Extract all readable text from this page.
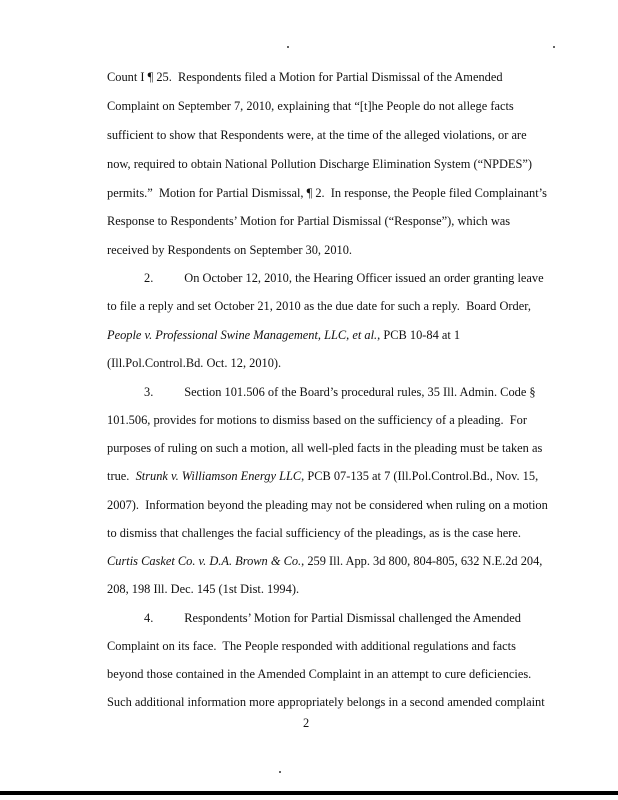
Count I ¶ 25.  Respondents filed a Motion for Partial Dismissal of the Amended

Complaint on September 7, 2010, explaining that “[t]he People do not allege facts

sufficient to show that Respondents were, at the time of the alleged violations, or are

now, required to obtain National Pollution Discharge Elimination System (“NPDES”)

permits.”  Motion for Partial Dismissal, ¶ 2.  In response, the People filed Complainant’s

Response to Respondents’ Motion for Partial Dismissal (“Response”), which was

received by Respondents on September 30, 2010.

2.          On October 12, 2010, the Hearing Officer issued an order granting leave

to file a reply and set October 21, 2010 as the due date for such a reply.  Board Order,

People v. Professional Swine Management, LLC, et al., PCB 10-84 at 1

(Ill.Pol.Control.Bd. Oct. 12, 2010).

3.          Section 101.506 of the Board’s procedural rules, 35 Ill. Admin. Code §

101.506, provides for motions to dismiss based on the sufficiency of a pleading.  For

purposes of ruling on such a motion, all well-pled facts in the pleading must be taken as

true.  Strunk v. Williamson Energy LLC, PCB 07-135 at 7 (Ill.Pol.Control.Bd., Nov. 15,

2007).  Information beyond the pleading may not be considered when ruling on a motion

to dismiss that challenges the facial sufficiency of the pleadings, as is the case here.

Curtis Casket Co. v. D.A. Brown & Co., 259 Ill. App. 3d 800, 804-805, 632 N.E.2d 204,

208, 198 Ill. Dec. 145 (1st Dist. 1994).

4.          Respondents’ Motion for Partial Dismissal challenged the Amended

Complaint on its face.  The People responded with additional regulations and facts

beyond those contained in the Amended Complaint in an attempt to cure deficiencies.

Such additional information more appropriately belongs in a second amended complaint

2
